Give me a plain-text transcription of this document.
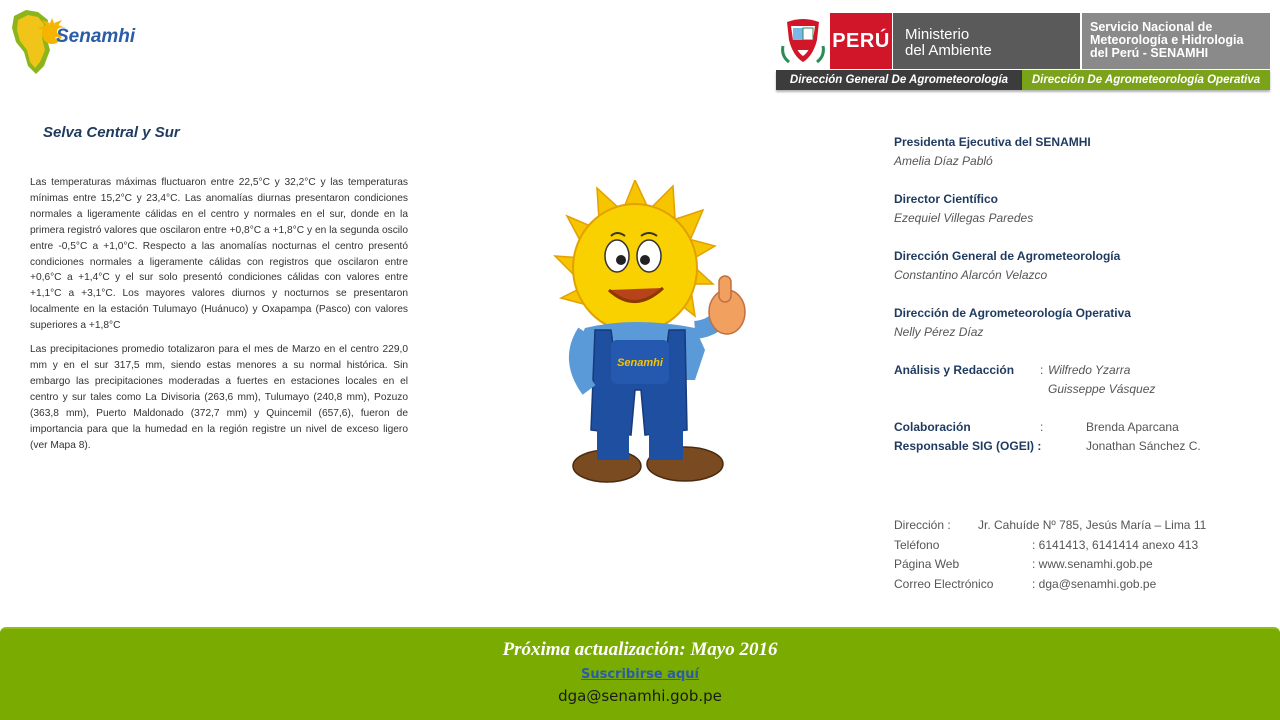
Senamhi	PERÚ Ministerio
del Ambiente
Servicio Nacional de
Meteorología e Hidrologia
del Perú - SENAMHI
Dirección General De Agrometeorología	Dirección De Agrometeorología Operativa
Selva Central y Sur

Las temperaturas máximas fluctuaron entre 22,5°C y 32,2°C y las temperaturas mínimas entre 15,2°C y 23,4°C. Las anomalías diurnas presentaron condiciones normales a ligeramente cálidas en el centro y normales en el sur, donde en la primera registró valores que oscilaron entre +0,8°C a +1,8°C y en la segunda oscilo entre -0,5°C a +1,0°C. Respecto a las anomalías nocturnas el centro presentó condiciones normales a ligeramente cálidas con registros que oscilaron entre +0,6°C a +1,4°C y el sur solo presentó condiciones cálidas con valores entre +1,1°C a +3,1°C. Los mayores valores diurnos y nocturnos se presentaron localmente en la estación Tulumayo (Huánuco) y Oxapampa (Pasco) con valores superiores a +1,8°C

Las precipitaciones promedio totalizaron para el mes de Marzo en el centro 229,0 mm y en el sur 317,5 mm, siendo estas menores a su normal histórica. Sin embargo las precipitaciones moderadas a fuertes en estaciones locales en el centro y sur tales como La Divisoria (263,6 mm), Tulumayo (240,8 mm), Pozuzo (363,8 mm), Puerto Maldonado (372,7 mm) y Quincemil (657,6), fueron de importancia para que la humedad en la región registre un nivel de exceso ligero (ver Mapa 8).

Senamhi
Presidenta Ejecutiva del SENAMHI
Amelia Díaz Pabló
Director Científico
Ezequiel Villegas Paredes
Dirección General de Agrometeorología
Constantino Alarcón Velazco
Dirección de Agrometeorología Operativa
Nelly Pérez Díaz
Análisis y Redacción	: Wilfredo Yzarra
Guisseppe Vásquez
Colaboración	:	Brenda Aparcana
Responsable SIG (OGEI) :	Jonathan Sánchez C.
Dirección :	Jr. Cahuíde Nº 785, Jesús María – Lima 11
Teléfono	: 6141413, 6141414 anexo 413
Página Web	: www.senamhi.gob.pe
Correo Electrónico	: dga@senamhi.gob.pe
Próxima actualización: Mayo 2016
Suscribirse aquí
dga@senamhi.gob.pe
